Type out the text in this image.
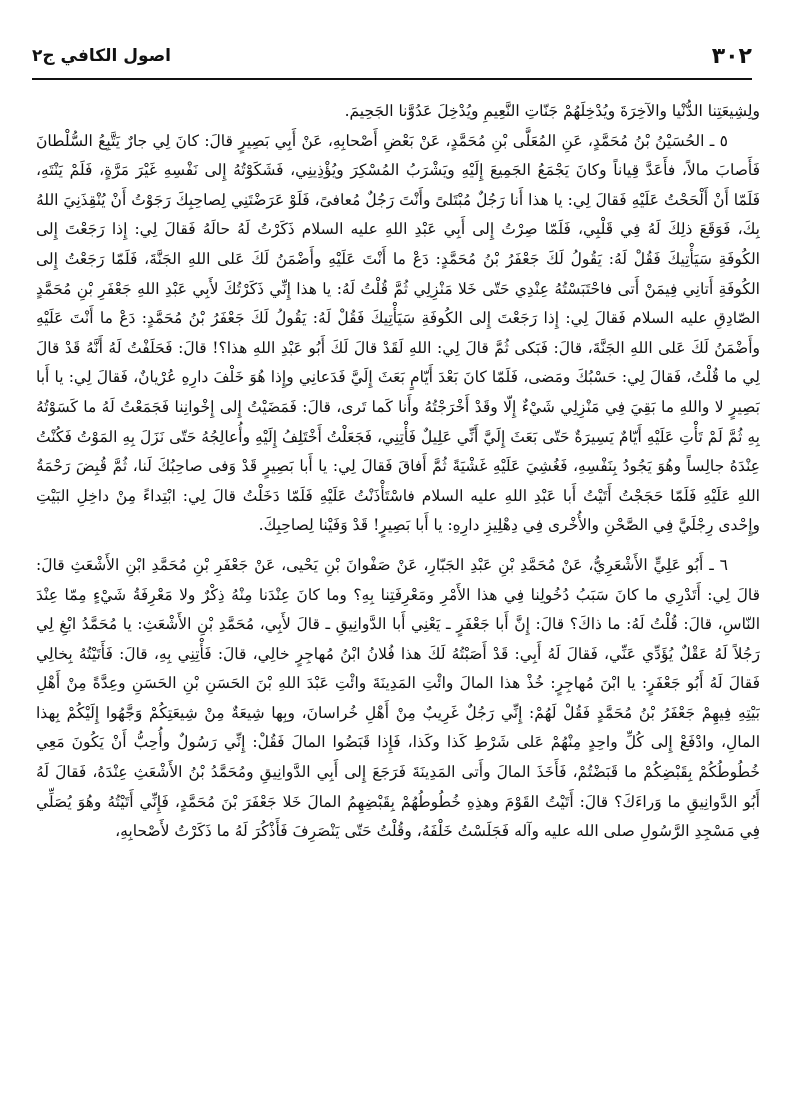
٣٠٢
اصول الكافي ج٢

ولِشِيعَتِنا الدُّنْيا والآخِرَةَ ويُدْخِلَهُمْ جَنّاتِ النَّعِيمِ ويُدْخِلَ عَدُوَّنا الجَحِيمَ.

٥ ـ الحُسَيْنُ بْنُ مُحَمَّدٍ، عَنِ المُعَلَّى بْنِ مُحَمَّدٍ، عَنْ بَعْضِ أَصْحابِهِ، عَنْ أَبِي بَصِيرٍ قالَ: كانَ لِي جارٌ يَتَّبِعُ السُّلْطانَ فَأَصابَ مالاً، فأَعَدَّ قِياناً وكانَ يَجْمَعُ الجَمِيعَ إِلَيْهِ ويَشْرَبُ المُسْكِرَ ويُؤْذِينِي، فَشَكَوْتُهُ إِلى نَفْسِهِ غَيْرَ مَرَّةٍ، فَلَمْ يَنْتَهِ، فَلَمّا أَنْ أَلْحَحْتُ عَلَيْهِ فَقالَ لِي: يا هذا أَنا رَجُلٌ مُبْتَلىً وأَنْتَ رَجُلٌ مُعافىً، فَلَوْ عَرَضْتَنِي لِصاحِبِكَ رَجَوْتُ أَنْ يُنْقِذَنِيَ اللهُ بِكَ، فَوَقَعَ ذلِكَ لَهُ فِي قَلْبِي، فَلَمّا صِرْتُ إِلى أَبِي عَبْدِ اللهِ عليه السلام ذَكَرْتُ لَهُ حالَهُ فَقالَ لِي: إِذا رَجَعْتَ إِلى الكُوفَةِ سَيَأْتِيكَ فَقُلْ لَهُ: يَقُولُ لَكَ جَعْفَرُ بْنُ مُحَمَّدٍ: دَعْ ما أَنْتَ عَلَيْهِ وأَضْمَنُ لَكَ عَلى اللهِ الجَنَّةَ، فَلَمّا رَجَعْتُ إِلى الكُوفَةِ أَتانِي فِيمَنْ أَتى فاحْتَبَسْتُهُ عِنْدِي حَتّى خَلا مَنْزِلِي ثُمَّ قُلْتُ لَهُ: يا هذا إِنِّي ذَكَرْتُكَ لأَبِي عَبْدِ اللهِ جَعْفَرِ بْنِ مُحَمَّدٍ الصّادِقِ عليه السلام فَقالَ لِي: إِذا رَجَعْتَ إِلى الكُوفَةِ سَيَأْتِيكَ فَقُلْ لَهُ: يَقُولُ لَكَ جَعْفَرُ بْنُ مُحَمَّدٍ: دَعْ ما أَنْتَ عَلَيْهِ وأَضْمَنُ لَكَ عَلى اللهِ الجَنَّةَ، قالَ: فَبَكى ثُمَّ قالَ لِي: اللهِ لَقَدْ قالَ لَكَ أَبُو عَبْدِ اللهِ هذا؟! قالَ: فَحَلَفْتُ لَهُ أَنَّهُ قَدْ قالَ لِي ما قُلْتُ، فَقالَ لِي: حَسْبُكَ ومَضى، فَلَمّا كانَ بَعْدَ أَيّامٍ بَعَثَ إِلَيَّ فَدَعانِي وإِذا هُوَ خَلْفَ دارِهِ عُرْيانٌ، فَقالَ لِي: يا أَبا بَصِيرٍ لا واللهِ ما بَقِيَ فِي مَنْزِلِي شَيْءٌ إِلّا وقَدْ أَخْرَجْتُهُ وأَنا كَما تَرى، قالَ: فَمَضَيْتُ إِلى إِخْوانِنا فَجَمَعْتُ لَهُ ما كَسَوْتُهُ بِهِ ثُمَّ لَمْ تَأْتِ عَلَيْهِ أَيّامٌ يَسِيرَةٌ حَتّى بَعَثَ إِلَيَّ أَنِّي عَلِيلٌ فَأْتِنِي، فَجَعَلْتُ أَخْتَلِفُ إِلَيْهِ وأُعالِجُهُ حَتّى نَزَلَ بِهِ المَوْتُ فَكُنْتُ عِنْدَهُ جالِساً وهُوَ يَجُودُ بِنَفْسِهِ، فَغُشِيَ عَلَيْهِ غَشْيَةً ثُمَّ أَفاقَ فَقالَ لِي: يا أَبا بَصِيرٍ قَدْ وَفى صاحِبُكَ لَنا، ثُمَّ قُبِضَ رَحْمَةُ اللهِ عَلَيْهِ فَلَمّا حَجَجْتُ أَتَيْتُ أَبا عَبْدِ اللهِ عليه السلام فاسْتَأْذَنْتُ عَلَيْهِ فَلَمّا دَخَلْتُ قالَ لِي: ابْتِداءً مِنْ داخِلِ البَيْتِ وإِحْدى رِجْلَيَّ فِي الصَّحْنِ والأُخْرى فِي دِهْلِيزِ دارِهِ: يا أَبا بَصِيرٍ! قَدْ وَفَيْنا لِصاحِبِكَ.

٦ ـ أَبُو عَلِيٍّ الأَشْعَرِيُّ، عَنْ مُحَمَّدِ بْنِ عَبْدِ الجَبّارِ، عَنْ صَفْوانَ بْنِ يَحْيى، عَنْ جَعْفَرِ بْنِ مُحَمَّدِ ابْنِ الأَشْعَثِ قالَ: قالَ لِي: أَتَدْرِي ما كانَ سَبَبُ دُخُولِنا فِي هذا الأَمْرِ ومَعْرِفَتِنا بِهِ؟ وما كانَ عِنْدَنا مِنْهُ ذِكْرٌ ولا مَعْرِفَةُ شَيْءٍ مِمّا عِنْدَ النّاسِ، قالَ: قُلْتُ لَهُ: ما ذاكَ؟ قالَ: إِنَّ أَبا جَعْفَرٍ ـ يَعْنِي أَبا الدَّوانِيقِ ـ قالَ لأَبِي، مُحَمَّدِ بْنِ الأَشْعَثِ: يا مُحَمَّدُ ابْغِ لِي رَجُلاً لَهُ عَقْلٌ يُؤَدِّي عَنِّي، فَقالَ لَهُ أَبِي: قَدْ أَصَبْتُهُ لَكَ هذا فُلانُ ابْنُ مُهاجِرٍ خالِي، قالَ: فَأْتِنِي بِهِ، قالَ: فَأَتَيْتُهُ بِخالِي فَقالَ لَهُ أَبُو جَعْفَرٍ: يا ابْنَ مُهاجِرٍ: خُذْ هذا المالَ وائْتِ المَدِينَةَ وائْتِ عَبْدَ اللهِ بْنَ الحَسَنِ بْنِ الحَسَنِ وعِدَّةً مِنْ أَهْلِ بَيْتِهِ فِيهِمْ جَعْفَرُ بْنُ مُحَمَّدٍ فَقُلْ لَهُمْ: إِنِّي رَجُلٌ غَرِيبٌ مِنْ أَهْلِ خُراسانَ، وبِها شِيعَةٌ مِنْ شِيعَتِكُمْ وَجَّهُوا إِلَيْكُمْ بِهذا المالِ، وادْفَعْ إِلى كُلِّ واحِدٍ مِنْهُمْ عَلى شَرْطِ كَذا وكَذا، فَإِذا قَبَضُوا المالَ فَقُلْ: إِنِّي رَسُولٌ وأُحِبُّ أَنْ يَكُونَ مَعِي خُطُوطُكُمْ بِقَبْضِكُمْ ما قَبَضْتُمْ، فَأَخَذَ المالَ وأَتى المَدِينَةَ فَرَجَعَ إِلى أَبِي الدَّوانِيقِ ومُحَمَّدُ بْنُ الأَشْعَثِ عِنْدَهُ، فَقالَ لَهُ أَبُو الدَّوانِيقِ ما وَراءَكَ؟ قالَ: أَتَيْتُ القَوْمَ وهذِهِ خُطُوطُهُمْ بِقَبْضِهِمُ المالَ خَلا جَعْفَرَ بْنَ مُحَمَّدٍ، فَإِنِّي أَتَيْتُهُ وهُوَ يُصَلِّي فِي مَسْجِدِ الرَّسُولِ صلى الله عليه وآله فَجَلَسْتُ خَلْفَهُ، وقُلْتُ حَتّى يَنْصَرِفَ فَأَذْكُرَ لَهُ ما ذَكَرْتُ لأَصْحابِهِ،
